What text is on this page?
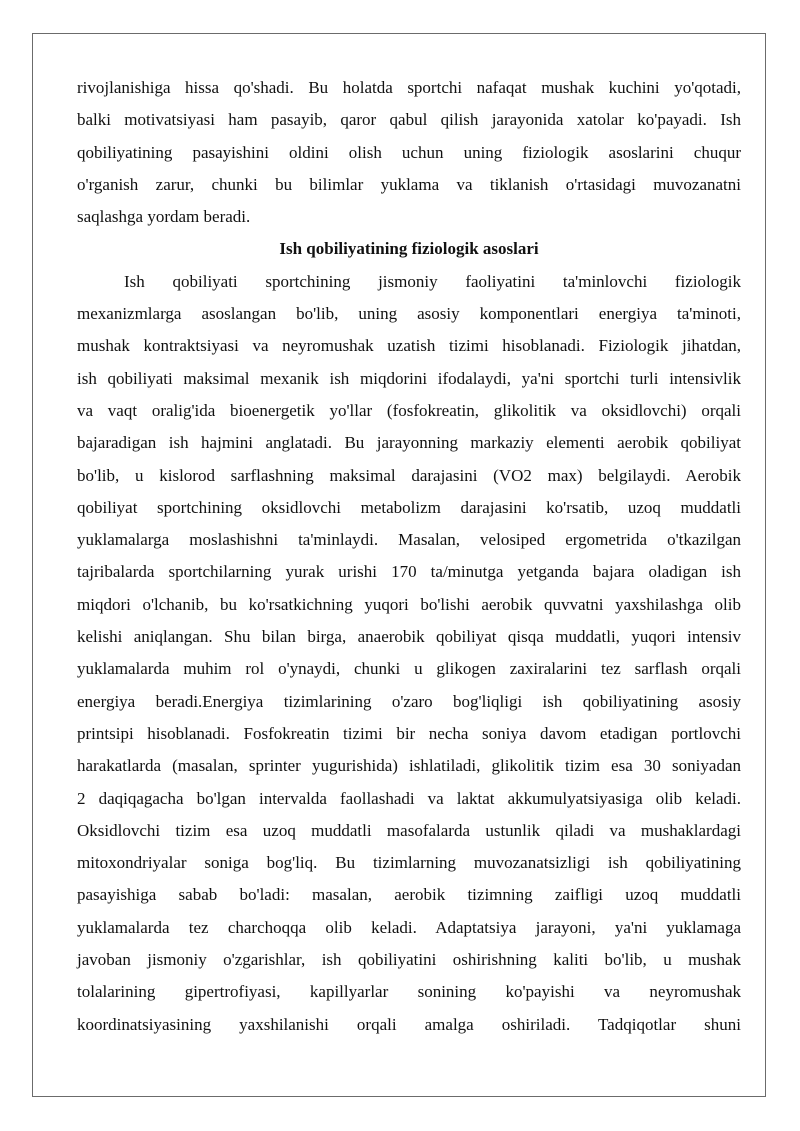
rivojlanishiga hissa qo'shadi. Bu holatda sportchi nafaqat mushak kuchini yo'qotadi,

balki motivatsiyasi ham pasayib, qaror qabul qilish jarayonida xatolar ko'payadi. Ish

qobiliyatining pasayishini oldini olish uchun uning fiziologik asoslarini chuqur

o'rganish zarur, chunki bu bilimlar yuklama va tiklanish o'rtasidagi muvozanatni

saqlashga yordam beradi.

Ish qobiliyatining fiziologik asoslari

Ish qobiliyati sportchining jismoniy faoliyatini ta'minlovchi fiziologik

mexanizmlarga asoslangan bo'lib, uning asosiy komponentlari energiya ta'minoti,

mushak kontraktsiyasi va neyromushak uzatish tizimi hisoblanadi. Fiziologik jihatdan,

ish qobiliyati maksimal mexanik ish miqdorini ifodalaydi, ya'ni sportchi turli intensivlik

va vaqt oralig'ida bioenergetik yo'llar (fosfokreatin, glikolitik va oksidlovchi) orqali

bajaradigan ish hajmini anglatadi. Bu jarayonning markaziy elementi aerobik qobiliyat

bo'lib, u kislorod sarflashning maksimal darajasini (VO2 max) belgilaydi. Aerobik

qobiliyat sportchining oksidlovchi metabolizm darajasini ko'rsatib, uzoq muddatli

yuklamalarga moslashishni ta'minlaydi. Masalan, velosiped ergometrida o'tkazilgan

tajribalarda sportchilarning yurak urishi 170 ta/minutga yetganda bajara oladigan ish

miqdori o'lchanib, bu ko'rsatkichning yuqori bo'lishi aerobik quvvatni yaxshilashga olib

kelishi aniqlangan. Shu bilan birga, anaerobik qobiliyat qisqa muddatli, yuqori intensiv

yuklamalarda muhim rol o'ynaydi, chunki u glikogen zaxiralarini tez sarflash orqali

energiya beradi.Energiya tizimlarining o'zaro bog'liqligi ish qobiliyatining asosiy

printsipi hisoblanadi. Fosfokreatin tizimi bir necha soniya davom etadigan portlovchi

harakatlarda (masalan, sprinter yugurishida) ishlatiladi, glikolitik tizim esa 30 soniyadan

2 daqiqagacha bo'lgan intervalda faollashadi va laktat akkumulyatsiyasiga olib keladi.

Oksidlovchi tizim esa uzoq muddatli masofalarda ustunlik qiladi va mushaklardagi

mitoxondriyalar soniga bog'liq. Bu tizimlarning muvozanatsizligi ish qobiliyatining

pasayishiga sabab bo'ladi: masalan, aerobik tizimning zaifligi uzoq muddatli

yuklamalarda tez charchoqqa olib keladi. Adaptatsiya jarayoni, ya'ni yuklamaga

javoban jismoniy o'zgarishlar, ish qobiliyatini oshirishning kaliti bo'lib, u mushak

tolalarining gipertrofiyasi, kapillyarlar sonining ko'payishi va neyromushak

koordinatsiyasining yaxshilanishi orqali amalga oshiriladi. Tadqiqotlar shuni
